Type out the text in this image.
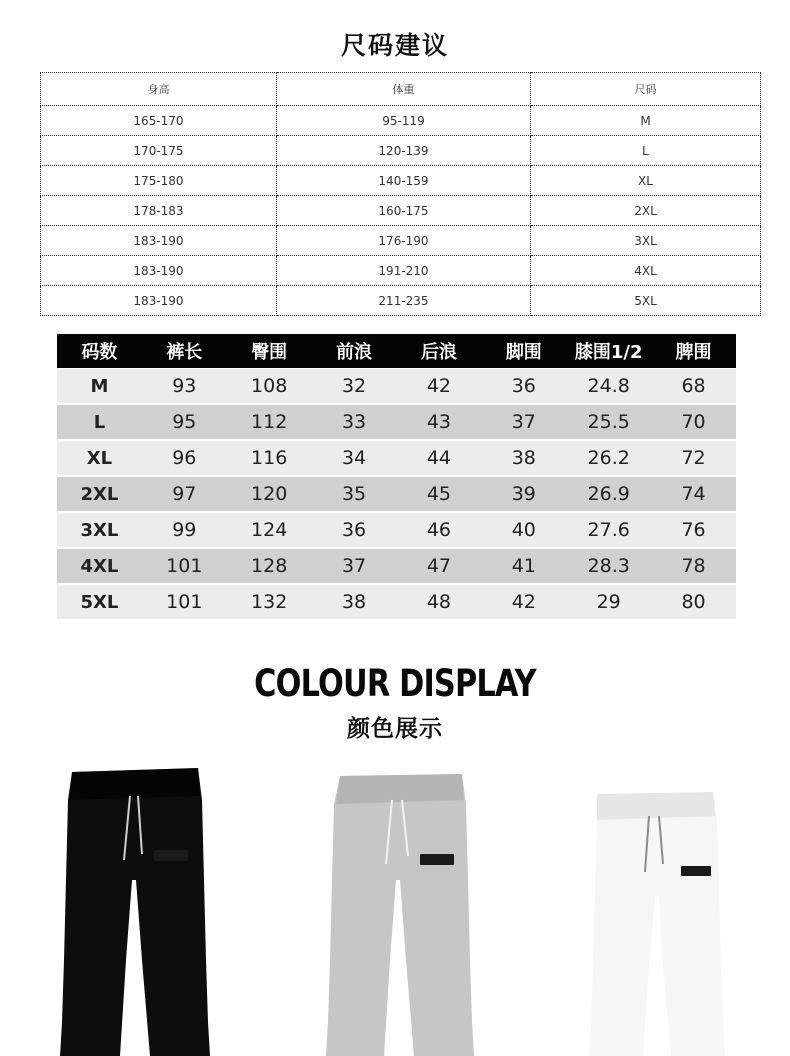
尺码建议
身高	体重	尺码
165-170	95-119	M
170-175	120-139	L
175-180	140-159	XL
178-183	160-175	2XL
183-190	176-190	3XL
183-190	191-210	4XL
183-190	211-235	5XL
码数	裤长	臀围	前浪	后浪	脚围	膝围1/2	脾围
M	93	108	32	42	36	24.8	68
L	95	112	33	43	37	25.5	70
XL	96	116	34	44	38	26.2	72
2XL	97	120	35	45	39	26.9	74
3XL	99	124	36	46	40	27.6	76
4XL	101	128	37	47	41	28.3	78
5XL	101	132	38	48	42	29	80
COLOUR DISPLAY
颜色展示
